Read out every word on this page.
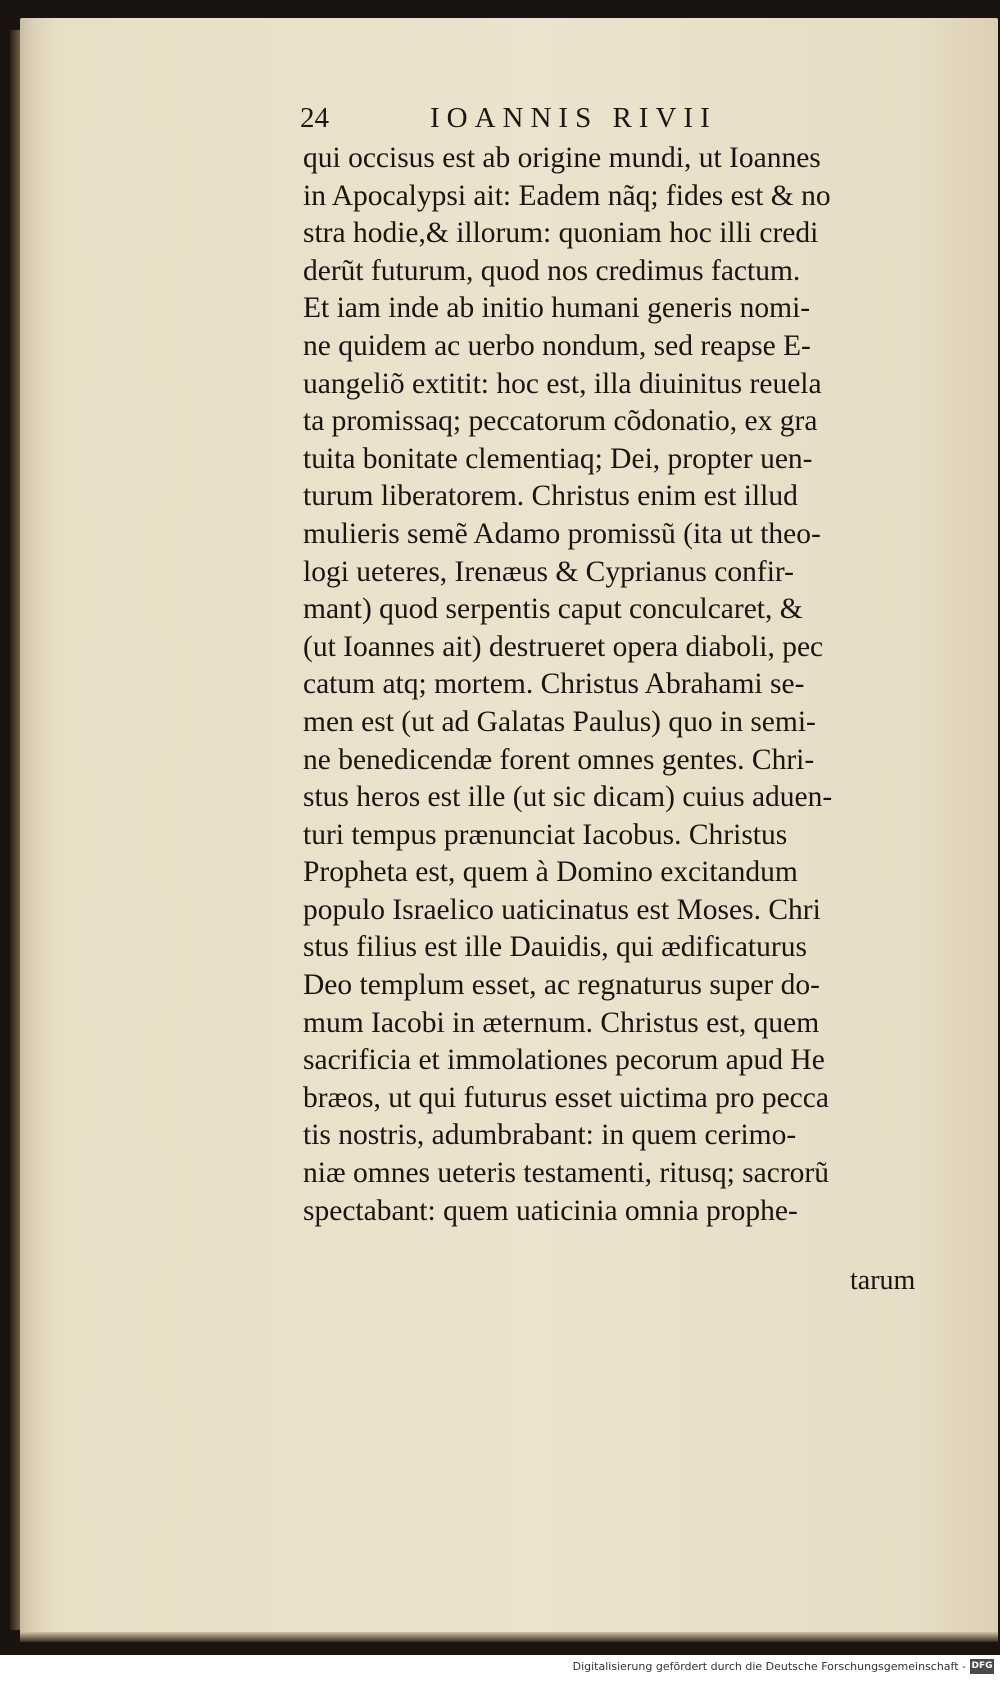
24	IOANNIS RIVII
qui occisus est ab origine mundi, ut Ioannes
in Apocalypsi ait: Eadem nãq; fides est & no
stra hodie,& illorum: quoniam hoc illi credi
derũt futurum, quod nos credimus factum.
Et iam inde ab initio humani generis nomi-
ne quidem ac uerbo nondum, sed reapse E-
uangeliõ extitit: hoc est, illa diuinitus reuela
ta promissaq; peccatorum cõdonatio, ex gra
tuita bonitate clementiaq; Dei, propter uen-
turum liberatorem. Christus enim est illud
mulieris semẽ Adamo promissũ (ita ut theo-
logi ueteres, Irenæus & Cyprianus confir-
mant) quod serpentis caput conculcaret, &
(ut Ioannes ait) destrueret opera diaboli, pec
catum atq; mortem. Christus Abrahami se-
men est (ut ad Galatas Paulus) quo in semi-
ne benedicendæ forent omnes gentes. Chri-
stus heros est ille (ut sic dicam) cuius aduen-
turi tempus prænunciat Iacobus. Christus
Propheta est, quem à Domino excitandum
populo Israelico uaticinatus est Moses. Chri
stus filius est ille Dauidis, qui ædificaturus
Deo templum esset, ac regnaturus super do-
mum Iacobi in æternum. Christus est, quem
sacrificia et immolationes pecorum apud He
bræos, ut qui futurus esset uictima pro pecca
tis nostris, adumbrabant: in quem cerimo-
niæ omnes ueteris testamenti, ritusq; sacrorũ
spectabant: quem uaticinia omnia prophe-
tarum
Digitalisierung gefördert durch die Deutsche Forschungsgemeinschaft - DFG
